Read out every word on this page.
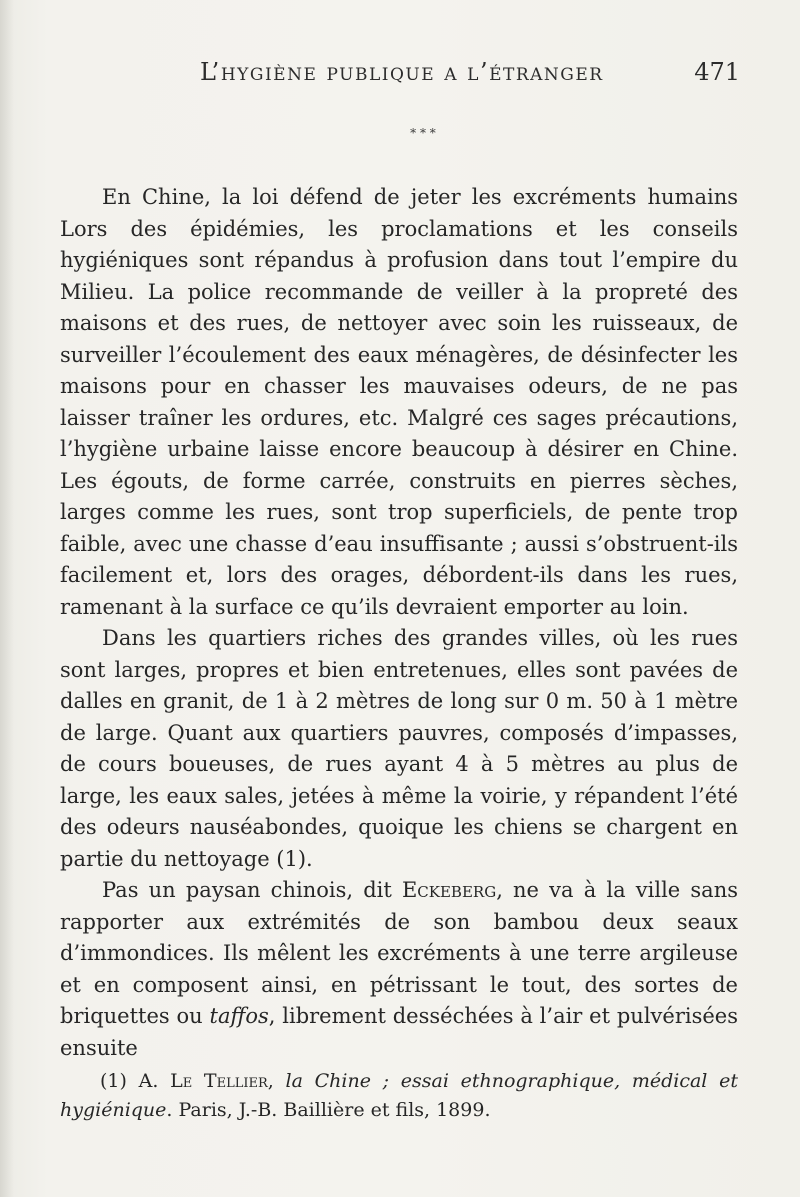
L’hygiène publique a l’étranger	471
* * *

En Chine, la loi défend de jeter les excréments humains Lors des épidémies, les proclamations et les conseils hygiéniques sont répandus à profusion dans tout l’empire du Milieu. La police recommande de veiller à la propreté des maisons et des rues, de nettoyer avec soin les ruisseaux, de surveiller l’écoulement des eaux ménagères, de désinfecter les maisons pour en chasser les mauvaises odeurs, de ne pas laisser traîner les ordures, etc. Malgré ces sages précautions, l’hygiène urbaine laisse encore beaucoup à désirer en Chine. Les égouts, de forme carrée, construits en pierres sèches, larges comme les rues, sont trop superficiels, de pente trop faible, avec une chasse d’eau insuffisante ; aussi s’obstruent-ils facilement et, lors des orages, débordent-ils dans les rues, ramenant à la surface ce qu’ils devraient emporter au loin.

Dans les quartiers riches des grandes villes, où les rues sont larges, propres et bien entretenues, elles sont pavées de dalles en granit, de 1 à 2 mètres de long sur 0 m. 50 à 1 mètre de large. Quant aux quartiers pauvres, composés d’impasses, de cours boueuses, de rues ayant 4 à 5 mètres au plus de large, les eaux sales, jetées à même la voirie, y répandent l’été des odeurs nauséabondes, quoique les chiens se chargent en partie du nettoyage (1).

Pas un paysan chinois, dit Eckeberg, ne va à la ville sans rapporter aux extrémités de son bambou deux seaux d’immondices. Ils mêlent les excréments à une terre argileuse et en composent ainsi, en pétrissant le tout, des sortes de briquettes ou taffos, librement desséchées à l’air et pulvérisées ensuite

(1) A. Le Tellier, la Chine ; essai ethnographique, médical et hygiénique. Paris, J.-B. Baillière et fils, 1899.
